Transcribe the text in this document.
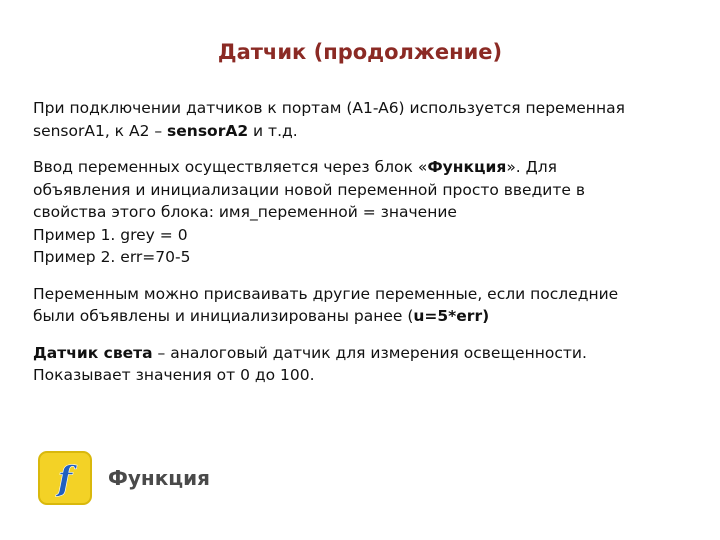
Датчик (продолжение)

При подключении датчиков к портам (A1-A6) используется переменная
sensorA1, к A2 – sensorA2 и т.д.

Ввод переменных осуществляется через блок «Функция». Для
объявления и инициализации новой переменной просто введите в
свойства этого блока: имя_переменной = значение
Пример 1. grey = 0
Пример 2. err=70-5

Переменным можно присваивать другие переменные, если последние
были объявлены и инициализированы ранее (u=5*err)

Датчик света – аналоговый датчик для измерения освещенности.
Показывает значения от 0 до 100.

f Функция
